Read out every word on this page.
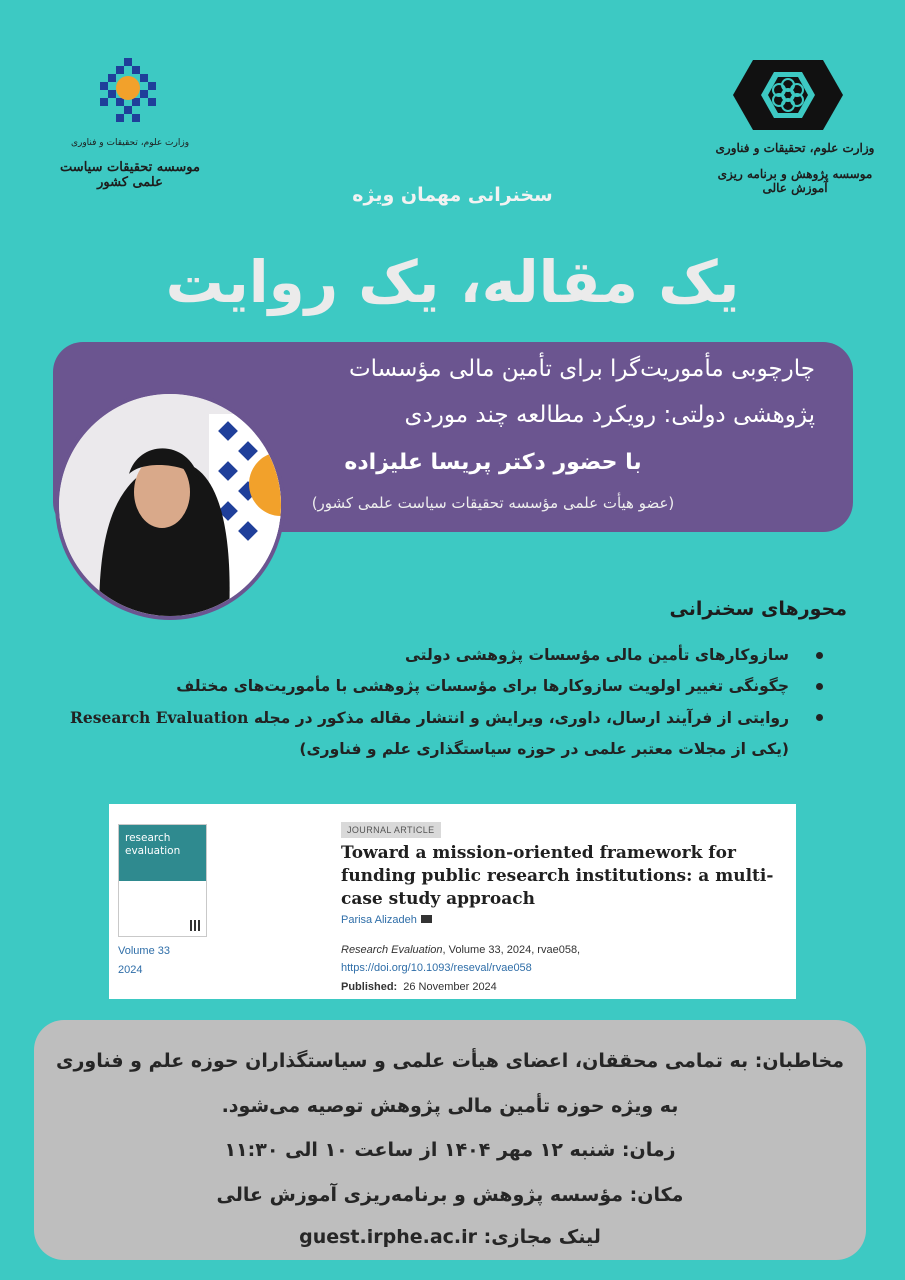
وزارت علوم، تحقیقات و فناوری
موسسه تحقیقات سیاست علمی کشور
وزارت علوم، تحقیقات و فناوری
موسسه پژوهش و برنامه ریزی آموزش عالی
سخنرانی مهمان ویژه
یک مقاله، یک روایت
چارچوبی مأموریت‌گرا برای تأمین مالی مؤسسات
پژوهشی دولتی: رویکرد مطالعه چند موردی
با حضور دکتر پریسا علیزاده
(عضو هیأت علمی مؤسسه تحقیقات سیاست علمی کشور)
محورهای سخنرانی
سازوکارهای تأمین مالی مؤسسات پژوهشی دولتی
چگونگی تغییر اولویت سازوکارها برای مؤسسات پژوهشی با مأموریت‌های مختلف
روایتی از فرآیند ارسال، داوری، ویرایش و انتشار مقاله مذکور در مجله Research Evaluation (یکی از مجلات معتبر علمی در حوزه سیاستگذاری علم و فناوری)
research
evaluation
Volume 33
2024
JOURNAL ARTICLE
Toward a mission-oriented framework for funding public research institutions: a multi-case study approach
Parisa Alizadeh
Research Evaluation, Volume 33, 2024, rvae058,
https://doi.org/10.1093/reseval/rvae058
Published: 26 November 2024
مخاطبان: به تمامی محققان، اعضای هیأت علمی و سیاستگذاران حوزه علم و فناوری
به ویژه حوزه تأمین مالی پژوهش توصیه می‌شود.
زمان: شنبه ۱۲ مهر ۱۴۰۴ از ساعت ۱۰ الی ۱۱:۳۰
مکان: مؤسسه پژوهش و برنامه‌ریزی آموزش عالی
لینک مجازی: guest.irphe.ac.ir
